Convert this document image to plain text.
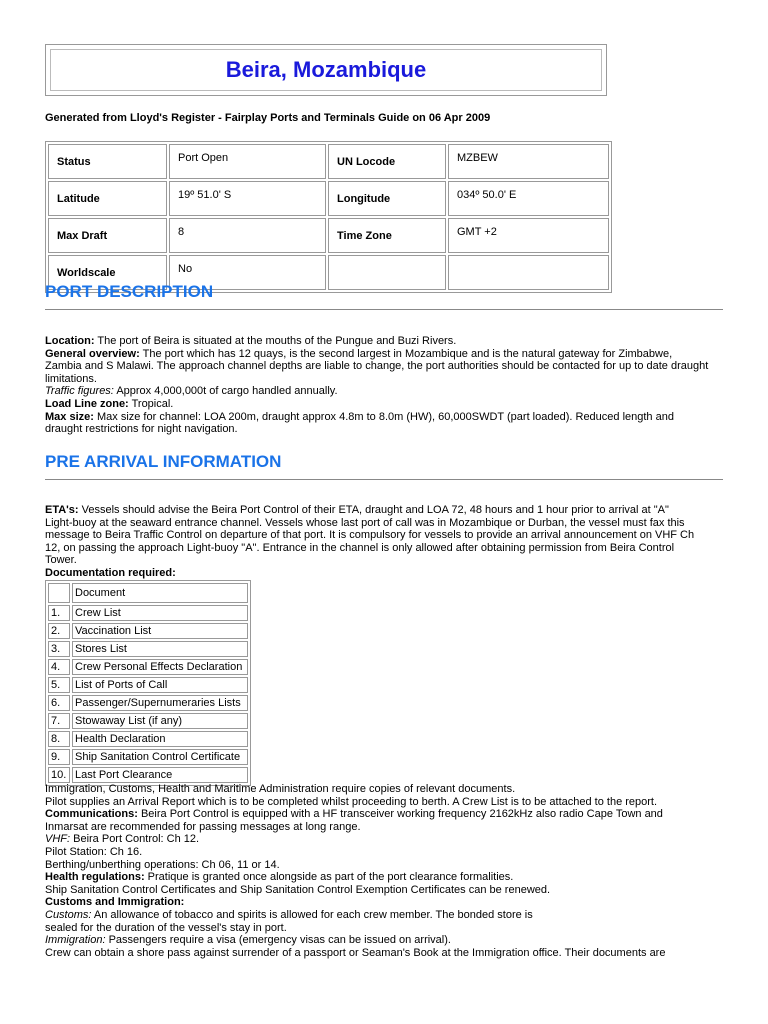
Beira, Mozambique
Generated from Lloyd's Register - Fairplay Ports and Terminals Guide on 06 Apr 2009
Status	Port Open	UN Locode	MZBEW
Latitude	19º 51.0' S	Longitude	034º 50.0' E
Max Draft	8	Time Zone	GMT +2
Worldscale	No		
PORT DESCRIPTION
Location: The port of Beira is situated at the mouths of the Pungue and Buzi Rivers.
General overview: The port which has 12 quays, is the second largest in Mozambique and is the natural gateway for Zimbabwe,
Zambia and S Malawi. The approach channel depths are liable to change, the port authorities should be contacted for up to date draught
limitations.
Traffic figures: Approx 4,000,000t of cargo handled annually.
Load Line zone: Tropical.
Max size: Max size for channel: LOA 200m, draught approx 4.8m to 8.0m (HW), 60,000SWDT (part loaded). Reduced length and
draught restrictions for night navigation.
PRE ARRIVAL INFORMATION
ETA's: Vessels should advise the Beira Port Control of their ETA, draught and LOA 72, 48 hours and 1 hour prior to arrival at "A"
Light-buoy at the seaward entrance channel. Vessels whose last port of call was in Mozambique or Durban, the vessel must fax this
message to Beira Traffic Control on departure of that port. It is compulsory for vessels to provide an arrival announcement on VHF Ch
12, on passing the approach Light-buoy "A". Entrance in the channel is only allowed after obtaining permission from Beira Control
Tower.
Documentation required:
	Document
1.	Crew List
2.	Vaccination List
3.	Stores List
4.	Crew Personal Effects Declaration
5.	List of Ports of Call
6.	Passenger/Supernumeraries Lists
7.	Stowaway List (if any)
8.	Health Declaration
9.	Ship Sanitation Control Certificate
10.	Last Port Clearance
Immigration, Customs, Health and Maritime Administration require copies of relevant documents.
Pilot supplies an Arrival Report which is to be completed whilst proceeding to berth. A Crew List is to be attached to the report.
Communications: Beira Port Control is equipped with a HF transceiver working frequency 2162kHz also radio Cape Town and
Inmarsat are recommended for passing messages at long range.
VHF: Beira Port Control: Ch 12.
Pilot Station: Ch 16.
Berthing/unberthing operations: Ch 06, 11 or 14.
Health regulations: Pratique is granted once alongside as part of the port clearance formalities.
Ship Sanitation Control Certificates and Ship Sanitation Control Exemption Certificates can be renewed.
Customs and Immigration:
Customs: An allowance of tobacco and spirits is allowed for each crew member. The bonded store is
sealed for the duration of the vessel's stay in port.
Immigration: Passengers require a visa (emergency visas can be issued on arrival).
Crew can obtain a shore pass against surrender of a passport or Seaman's Book at the Immigration office. Their documents are
